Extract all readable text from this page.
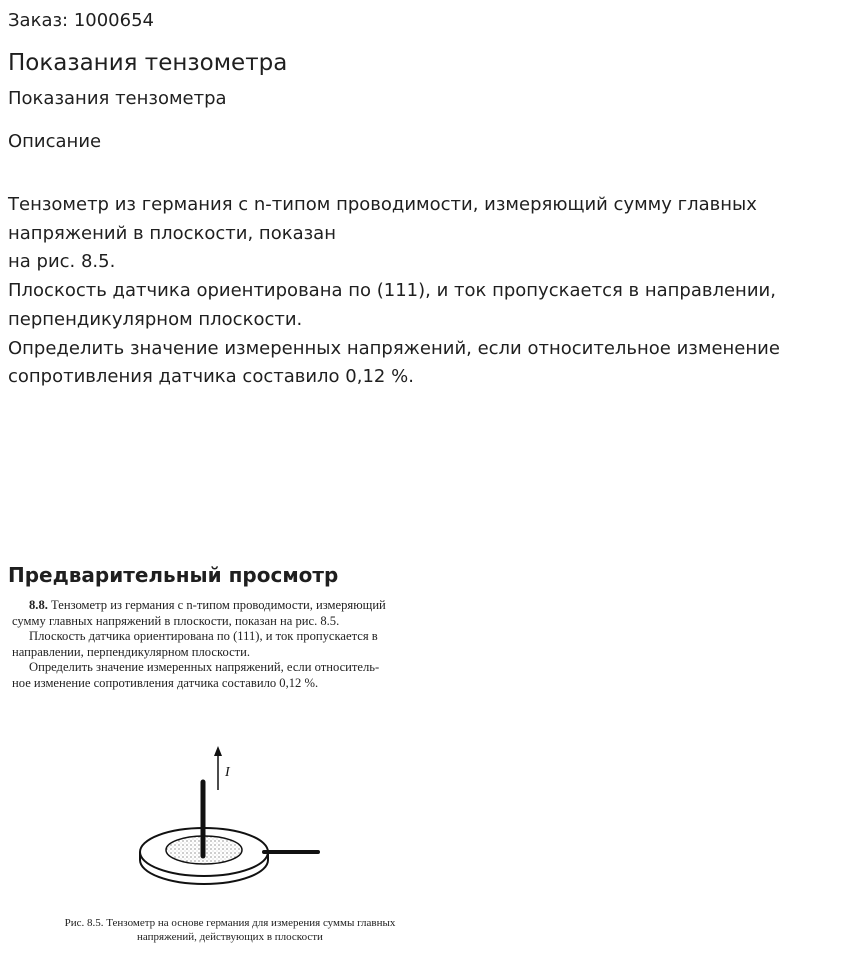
Заказ: 1000654
Показания тензометра
Показания тензометра
Описание
Тензометр из германия с n-типом проводимости, измеряющий сумму главных
напряжений в плоскости, показан
на рис. 8.5.
Плоскость датчика ориентирована по (111), и ток пропускается в направлении,
перпендикулярном плоскости.
Определить значение измеренных напряжений, если относительное изменение
сопротивления датчика составило 0,12 %.
Предварительный просмотр
8.8. Тензометр из германия с n-типом проводимости, измеряющий
сумму главных напряжений в плоскости, показан на рис. 8.5.
Плоскость датчика ориентирована по (111), и ток пропускается в
направлении, перпендикулярном плоскости.
Определить значение измеренных напряжений, если относитель-
ное изменение сопротивления датчика составило 0,12 %.
I
Рис. 8.5. Тензометр на основе германия для измерения суммы главных
напряжений, действующих в плоскости
